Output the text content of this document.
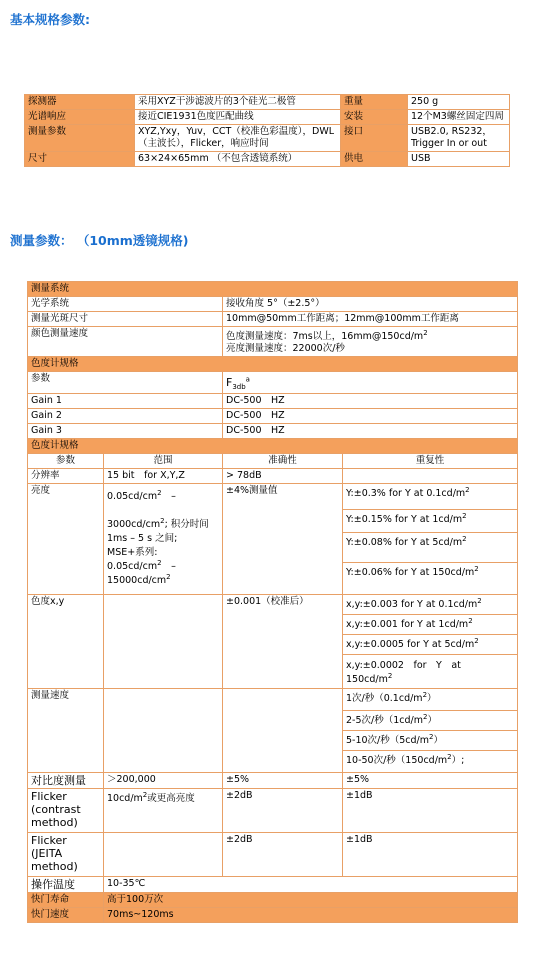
基本规格参数:
探测器	采用XYZ干涉滤波片的3个硅光二极管	重量	250 g
光谱响应	接近CIE1931色度匹配曲线	安装	12个M3螺丝固定四周
测量参数	XYZ,Yxy，Yuv，CCT（校准色彩温度），DWL（主波长），Flicker，响应时间	接口	USB2.0, RS232，Trigger In or out
尺寸	63×24×65mm （不包含透镜系统）	供电	USB
测量参数： （10mm透镜规格)
测量系统			
光学系统		接收角度 5°（±2.5°）	
测量光斑尺寸		10mm@50mm工作距离；12mm@100mm工作距离	
颜色测量速度		色度测量速度：7ms以上，$16mm@150cd/m^2$
亮度测量速度：22000次/秒	
色度计规格			
参数		$F_{3db}^a$
Gain 1		DC-500　HZ	
Gain 2		DC-500　HZ	
Gain 3		DC-500　HZ	
色度计规格			
参数	范围	准确性	重复性
分辨率	15 bit　for X,Y,Z	> 78dB	
亮度	$0.05cd/cm^2$　 –

$3000cd/cm^2$; 积分时间 1ms – 5 s 之间;　　MSE+系列:
$0.05cd/cm^2$　 –
$15000cd/cm^2$	±4%测量值	Y:±0.3% for Y at $0.1cd/m^2$
			Y:±0.15% for Y at $1cd/m^2$
			Y:±0.08% for Y at $5cd/m^2$
			Y:±0.06% for Y at $150cd/m^2$
色度x,y		±0.001（校准后）	x,y:±0.003 for Y at $0.1cd/m^2$
			x,y:±0.001 for Y at $1cd/m^2$
			x,y:±0.0005 for Y at $5cd/m^2$
			x,y:±0.0002　for　Y　at
$150cd/m^2$
测量速度			1次/秒$(0.1cd/m^2)$
			2-5次/秒$(1cd/m^2)$
			5-10次/秒$(5cd/m^2)$
			10-50次/秒$(150cd/m^2)$;
对比度测量	＞200,000	±5%	±5%
Flicker (contrast method)	$10cd/m^2$或更高亮度	±2dB	±1dB
Flicker (JEITA method)		±2dB	±1dB
操作温度	10-35℃		
快门寿命	高于100万次		
快门速度	70ms~120ms		
